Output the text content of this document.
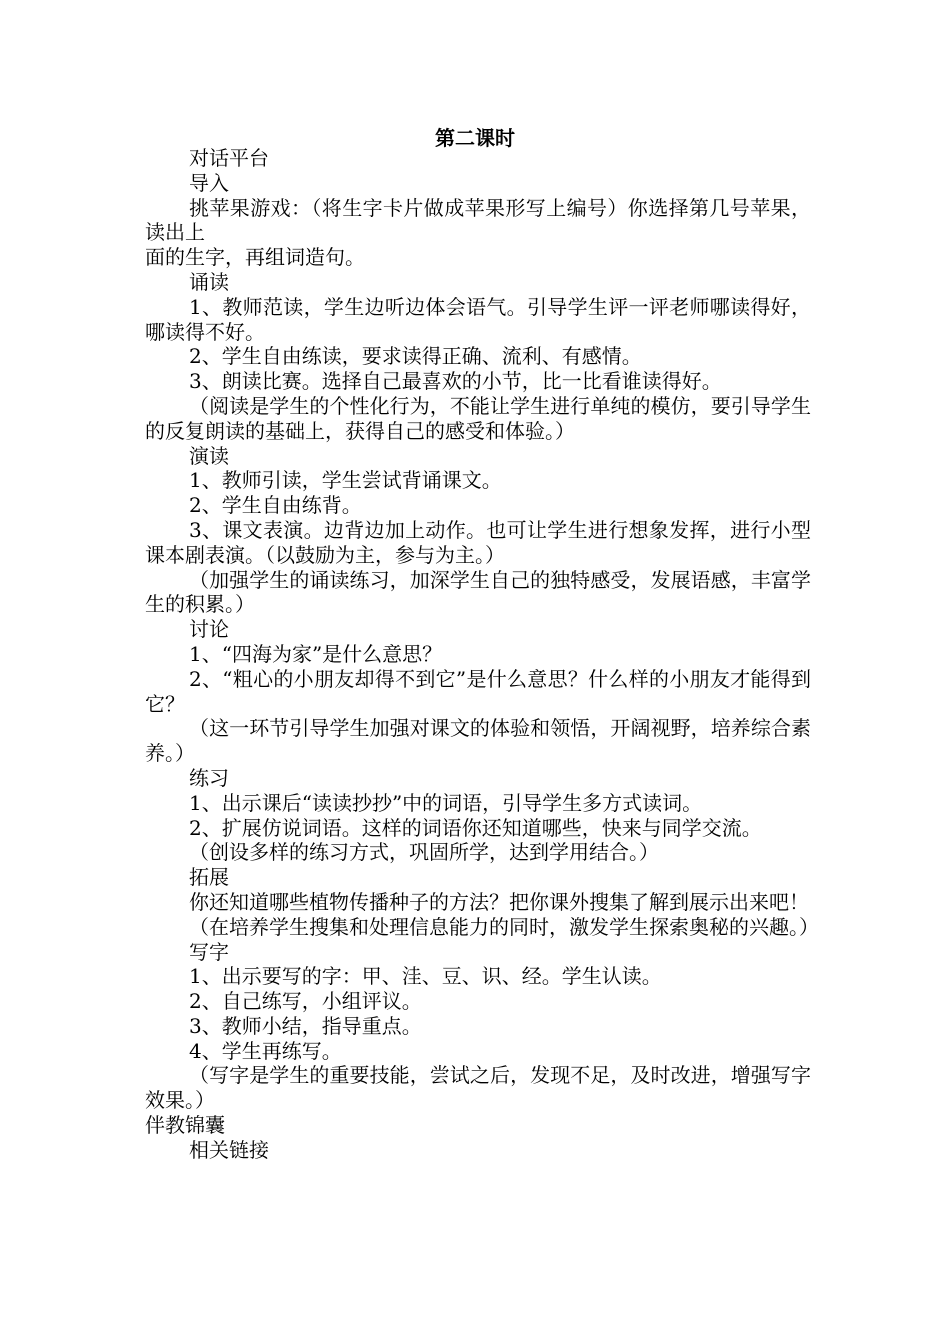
第二课时

对话平台

导入

挑苹果游戏：（将生字卡片做成苹果形写上编号）你选择第几号苹果，读出上

面的生字，再组词造句。

诵读

1、教师范读，学生边听边体会语气。引导学生评一评老师哪读得好，哪读得不好。

2、学生自由练读，要求读得正确、流利、有感情。

3、朗读比赛。选择自己最喜欢的小节，比一比看谁读得好。

（阅读是学生的个性化行为，不能让学生进行单纯的模仿，要引导学生的反复朗读的基础上，获得自己的感受和体验。）

演读

1、教师引读，学生尝试背诵课文。

2、学生自由练背。

3、课文表演。边背边加上动作。也可让学生进行想象发挥，进行小型课本剧表演。（以鼓励为主，参与为主。）

（加强学生的诵读练习，加深学生自己的独特感受，发展语感，丰富学生的积累。）

讨论

1、“四海为家”是什么意思？

2、“粗心的小朋友却得不到它”是什么意思？什么样的小朋友才能得到它？

（这一环节引导学生加强对课文的体验和领悟，开阔视野，培养综合素养。）

练习

1、出示课后“读读抄抄”中的词语，引导学生多方式读词。

2、扩展仿说词语。这样的词语你还知道哪些，快来与同学交流。

（创设多样的练习方式，巩固所学，达到学用结合。）

拓展

你还知道哪些植物传播种子的方法？把你课外搜集了解到展示出来吧！

（在培养学生搜集和处理信息能力的同时，激发学生探索奥秘的兴趣。）

写字

1、出示要写的字：甲、洼、豆、识、经。学生认读。

2、自己练写，小组评议。

3、教师小结，指导重点。

4、学生再练写。

（写字是学生的重要技能，尝试之后，发现不足，及时改进，增强写字效果。）

伴教锦囊

相关链接
